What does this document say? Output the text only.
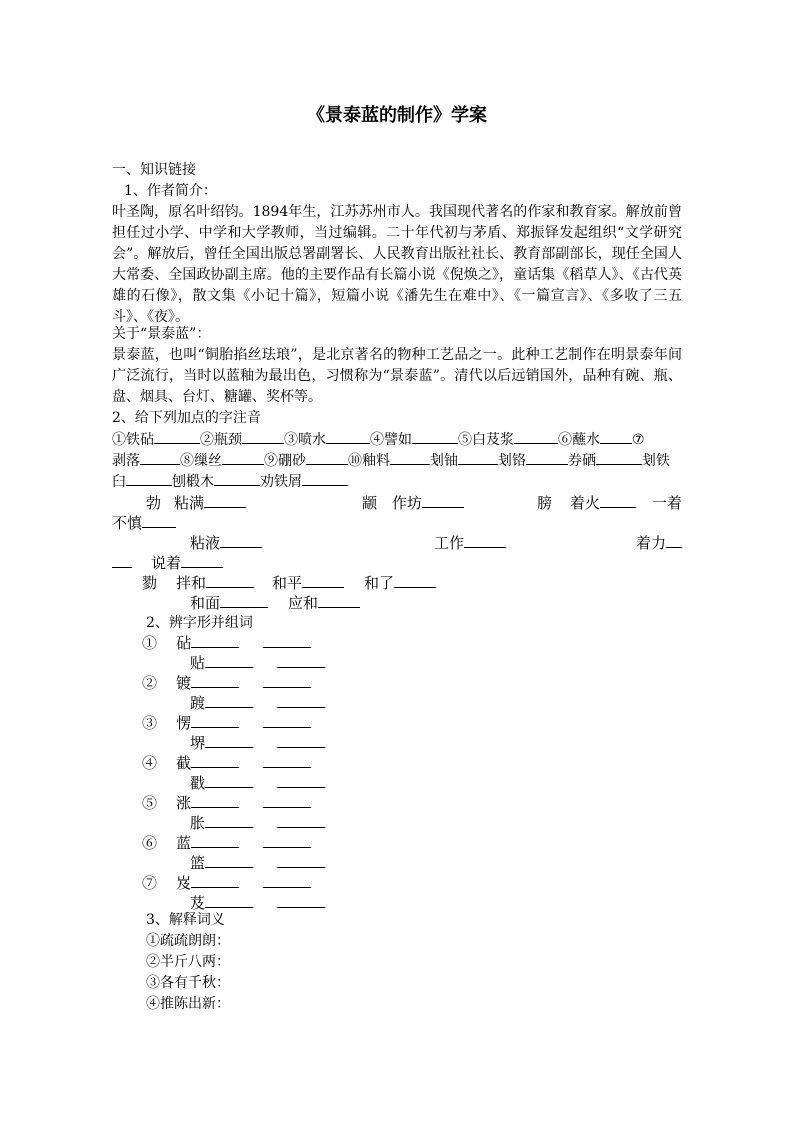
《景泰蓝的制作》学案
一、知识链接
1、作者简介：
叶圣陶，原名叶绍钧。1894年生，江苏苏州市人。我国现代著名的作家和教育家。解放前曾担任过小学、中学和大学教师，当过编辑。二十年代初与茅盾、郑振铎发起组织“文学研究会”。解放后，曾任全国出版总署副署长、人民教育出版社社长、教育部副部长，现任全国人大常委、全国政协副主席。他的主要作品有长篇小说《倪焕之》，童话集《稻草人》、《古代英雄的石像》，散文集《小记十篇》，短篇小说《潘先生在难中》、《一篇宣言》、《多收了三五斗》、《夜》。
关于“景泰蓝”：
景泰蓝，也叫“铜胎掐丝珐琅”，是北京著名的物种工艺品之一。此种工艺制作在明景泰年间广泛流行，当时以蓝釉为最出色，习惯称为“景泰蓝”。清代以后远销国外，品种有碗、瓶、盘、烟具、台灯、糖罐、奖杯等。
2、给下列加点的字注音
①铁砧	②瓶颈	③喷水	④譬如	⑤白芨浆	⑥蘸水 ⑦
剥落	⑧缫丝	⑨硼砂	⑩釉料	刬铀	刬铬	券硒	刬铁
臼	刨椴木	劝铁屑
勃 粘满	颛 作坊	膀 着火	一着
不慎
粘液	工作	着力
说着
勠 拌和	和平	和了
和面	应和
2、辨字形并组词
① 砧
贴
② 镀
踱
③ 愣
堺
④ 截
戳
⑤ 涨
胀
⑥ 蓝
篮
⑦ 岌
芨
3、解释词义
①疏疏朗朗：
②半斤八两：
③各有千秋：
④推陈出新：
